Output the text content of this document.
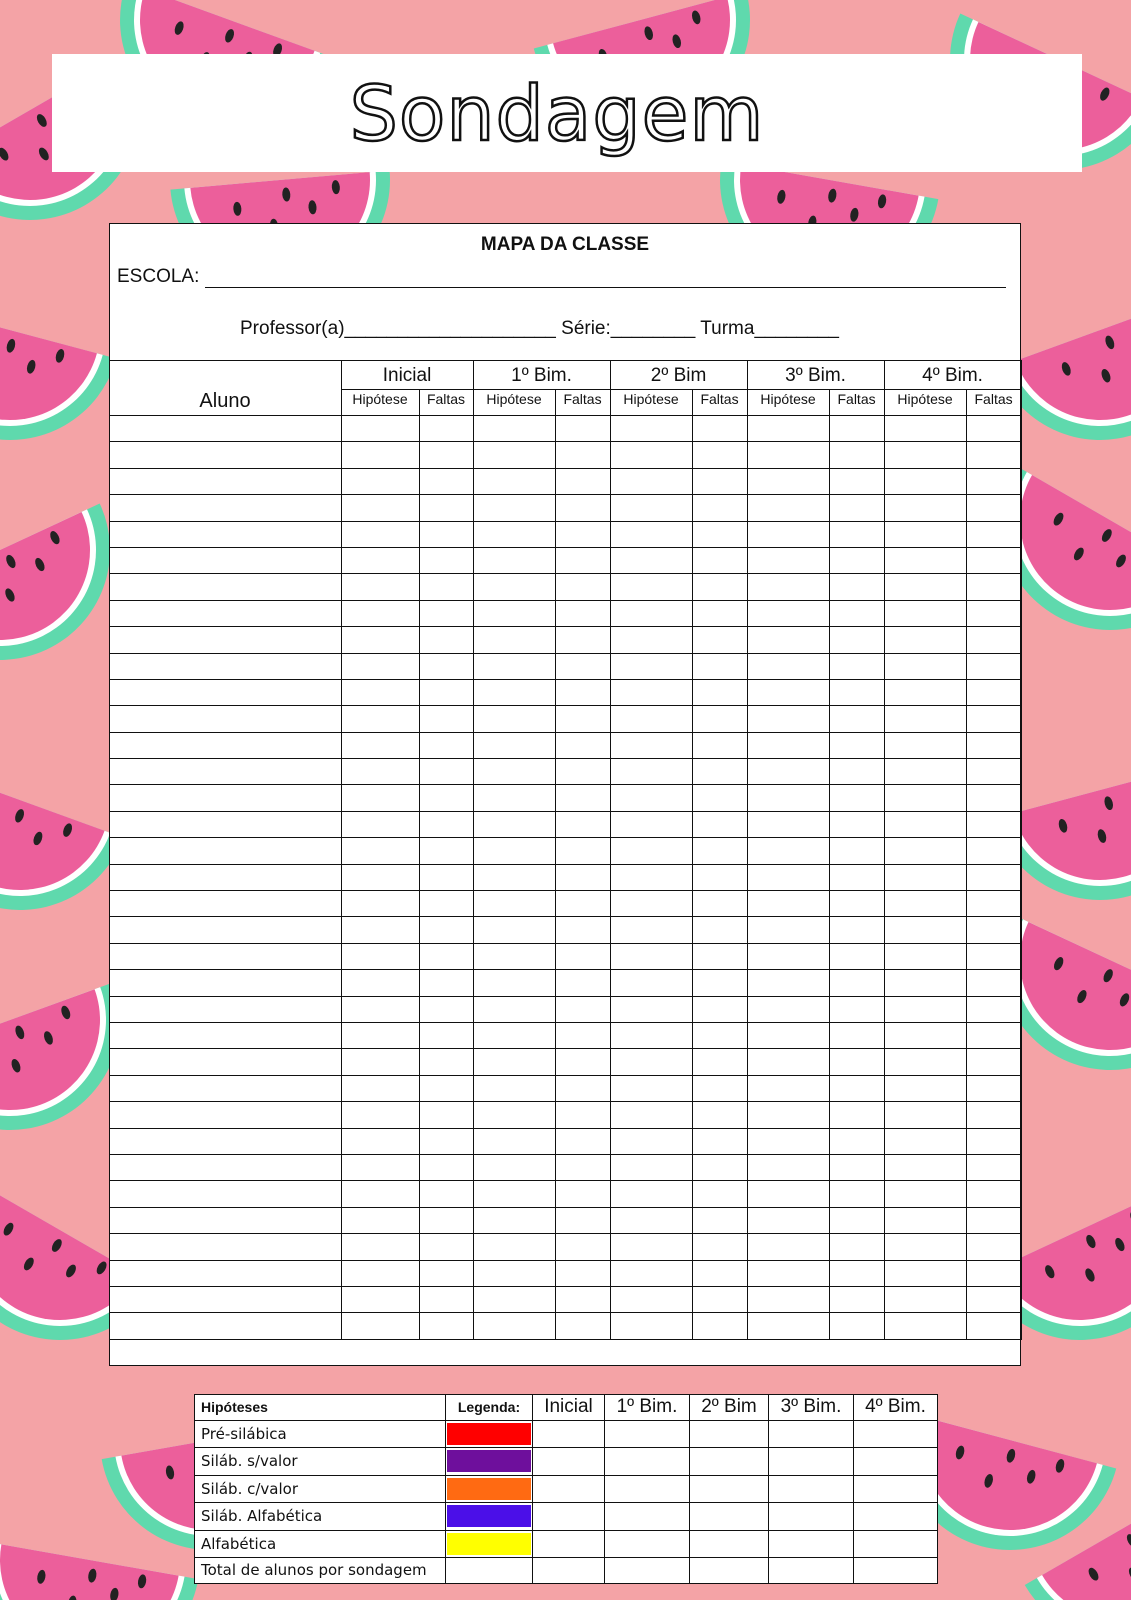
Sondagem
MAPA DA CLASSE
ESCOLA:
Professor(a)____________________ Série:________ Turma________
Aluno	Inicial		1º Bim.		2º Bim		3º Bim.		4º Bim.	
	Hipótese	Faltas	Hipótese	Faltas	Hipótese	Faltas	Hipótese	Faltas	Hipótese	Faltas

Hipóteses	Legenda:	Inicial	1º Bim.	2º Bim	3º Bim.	4º Bim.
Pré-silábica	

Siláb. s/valor	

Siláb. c/valor	

Siláb. Alfabética	

Alfabética	

Total de alunos por sondagem						
